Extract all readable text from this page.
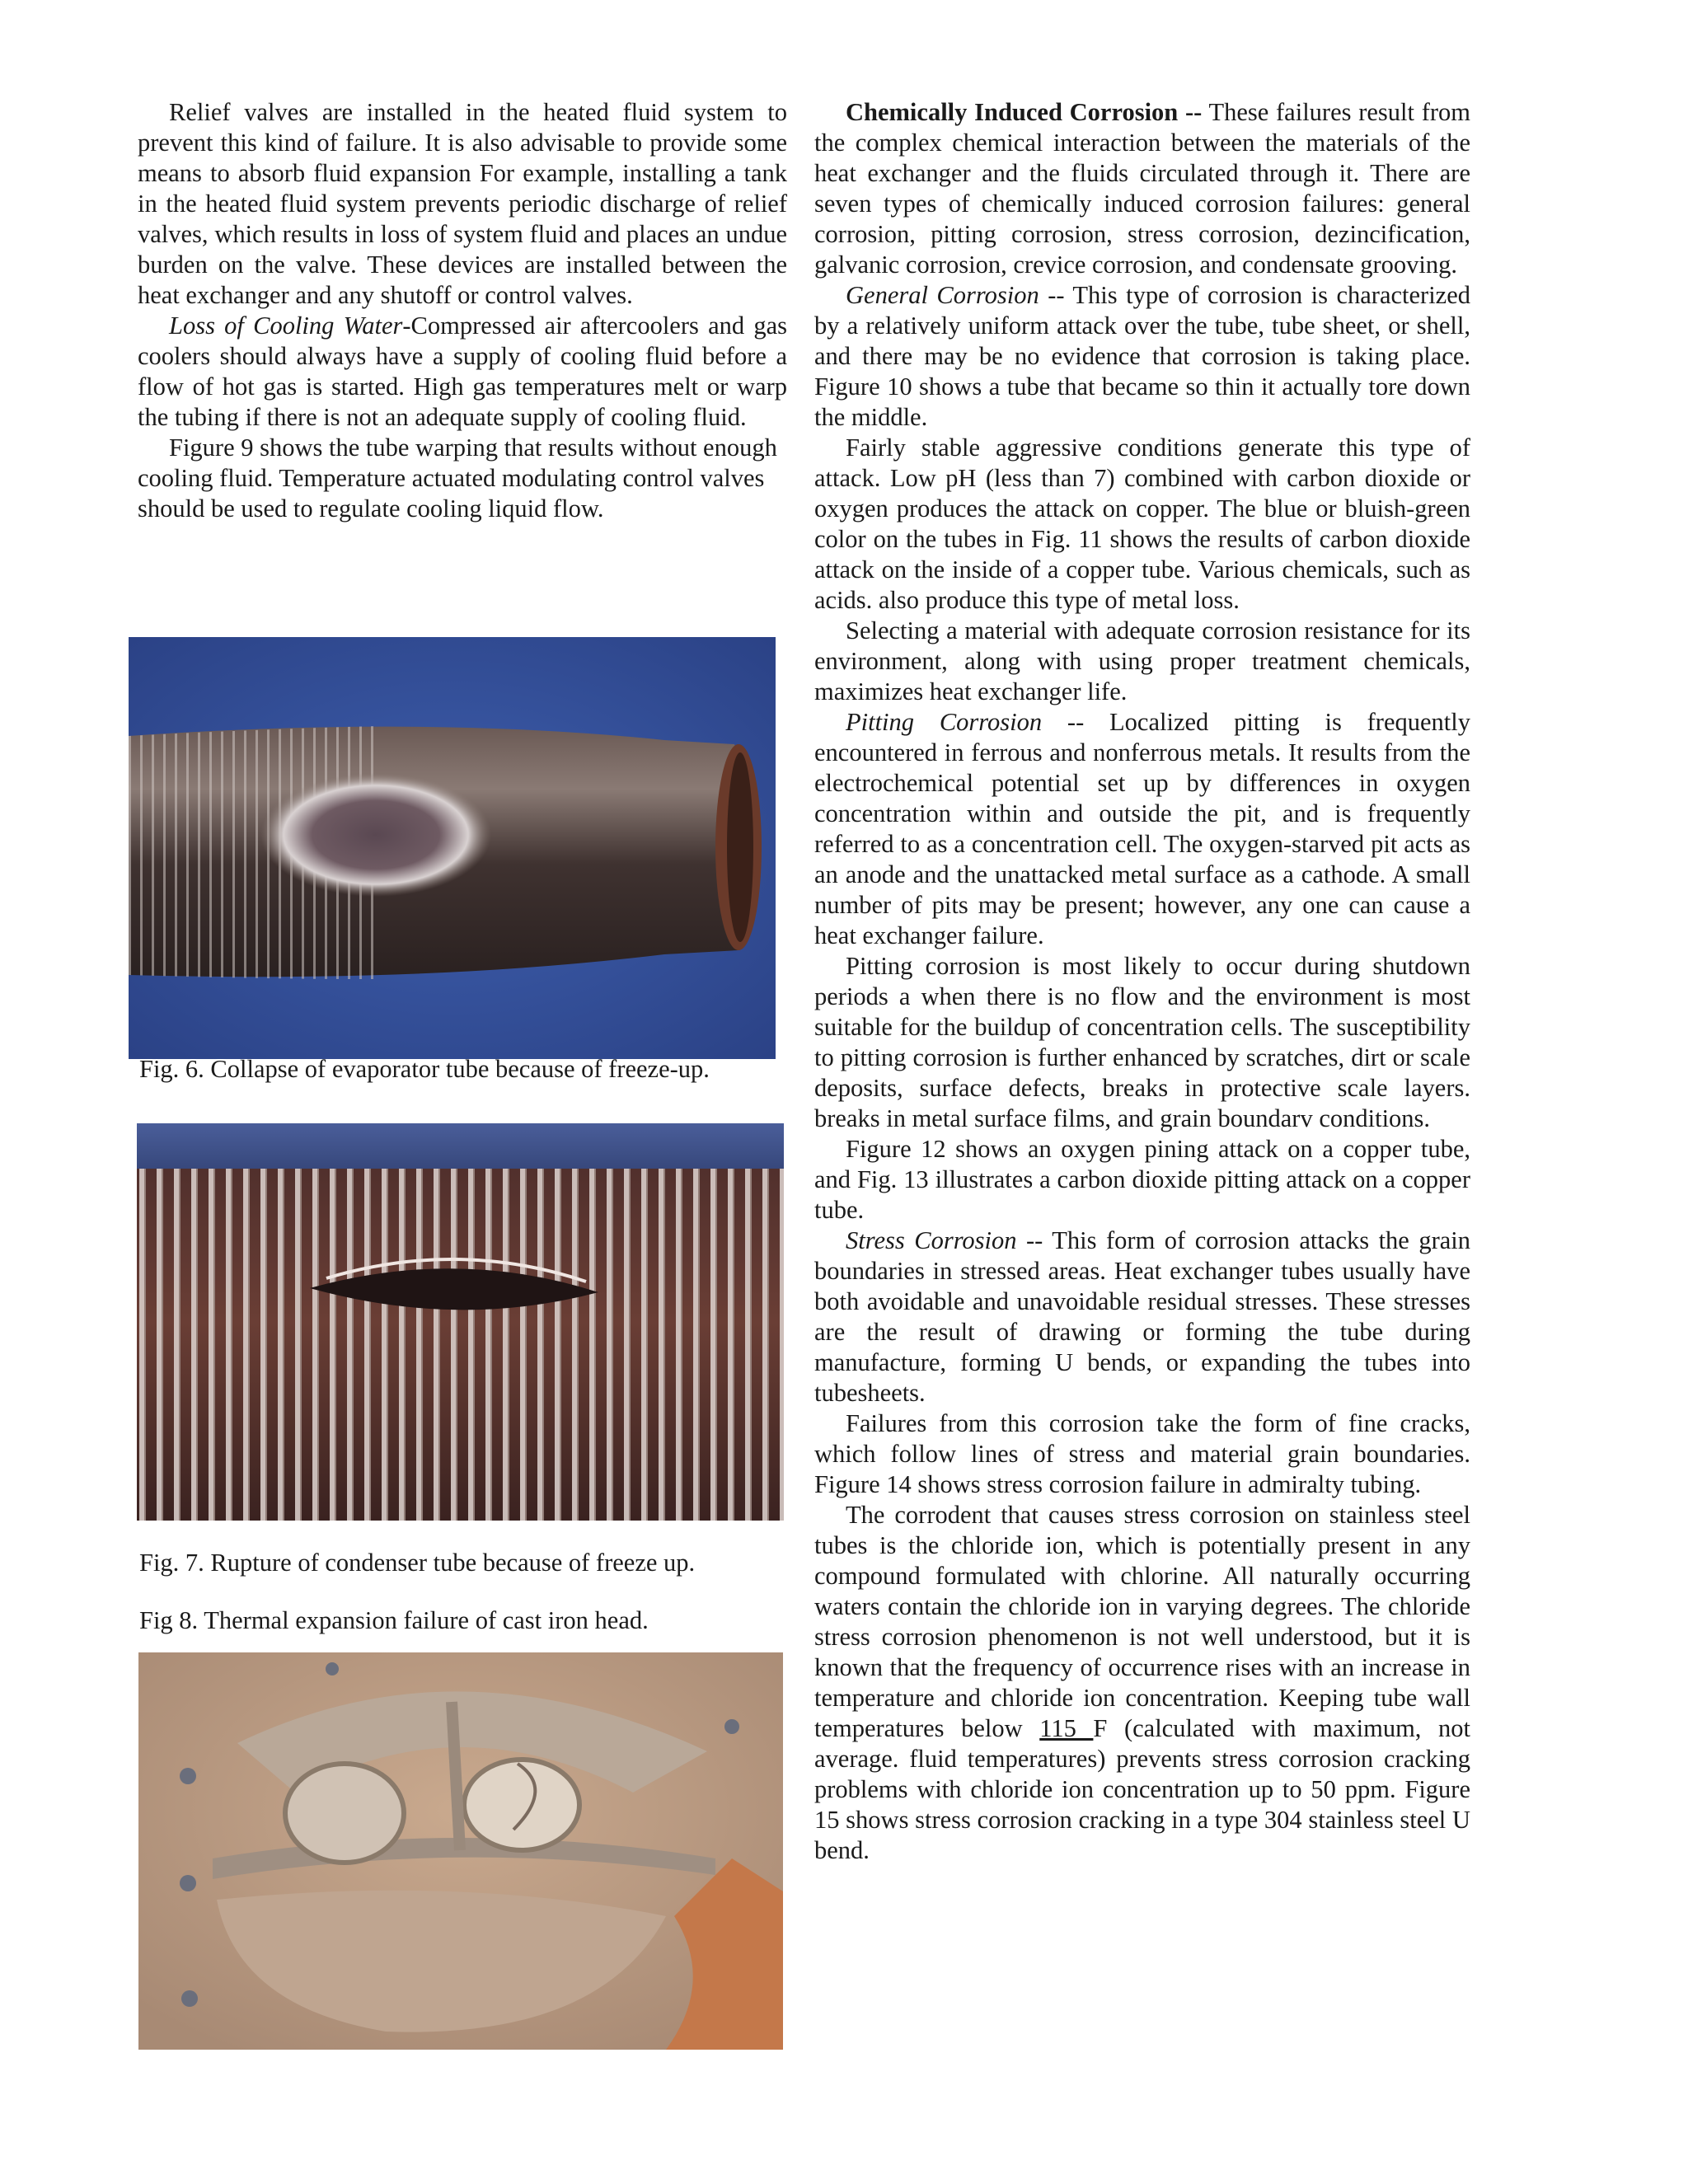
Relief valves are installed in the heated fluid system to prevent this kind of failure. It is also advisable to provide some means to absorb fluid expansion For example, installing a tank in the heated fluid system prevents periodic discharge of relief valves, which results in loss of system fluid and places an undue burden on the valve. These devices are installed between the heat exchanger and any shutoff or control valves.

Loss of Cooling Water-Compressed air aftercoolers and gas coolers should always have a supply of cooling fluid before a flow of hot gas is started. High gas temperatures melt or warp the tubing if there is not an adequate supply of cooling fluid.

Figure 9 shows the tube warping that results without enough cooling fluid. Temperature actuated modulating control valves should be used to regulate cooling liquid flow.

Fig. 6. Collapse of evaporator tube because of freeze-up.
Fig. 7. Rupture of condenser tube because of freeze up.
Fig 8. Thermal expansion failure of cast iron head.

Chemically Induced Corrosion -- These failures result from the complex chemical interaction between the materials of the heat exchanger and the fluids circulated through it. There are seven types of chemically induced corrosion failures: general corrosion, pitting corrosion, stress corrosion, dezincification, galvanic corrosion, crevice corrosion, and condensate grooving.

General Corrosion -- This type of corrosion is characterized by a relatively uniform attack over the tube, tube sheet, or shell, and there may be no evidence that corrosion is taking place. Figure 10 shows a tube that became so thin it actually tore down the middle.

Fairly stable aggressive conditions generate this type of attack. Low pH (less than 7) combined with carbon dioxide or oxygen produces the attack on copper. The blue or bluish-green color on the tubes in Fig. 11 shows the results of carbon dioxide attack on the inside of a copper tube. Various chemicals, such as acids. also produce this type of metal loss.

Selecting a material with adequate corrosion resistance for its environment, along with using proper treatment chemicals, maximizes heat exchanger life.

Pitting Corrosion -- Localized pitting is frequently encountered in ferrous and nonferrous metals. It results from the electrochemical potential set up by differences in oxygen concentration within and outside the pit, and is frequently referred to as a concentration cell. The oxygen-starved pit acts as an anode and the unattacked metal surface as a cathode. A small number of pits may be present; however, any one can cause a heat exchanger failure.

Pitting corrosion is most likely to occur during shutdown periods a when there is no flow and the environment is most suitable for the buildup of concentration cells. The susceptibility to pitting corrosion is further enhanced by scratches, dirt or scale deposits, surface defects, breaks in protective scale layers. breaks in metal surface films, and grain boundarv conditions.

Figure 12 shows an oxygen pining attack on a copper tube, and Fig. 13 illustrates a carbon dioxide pitting attack on a copper tube.

Stress Corrosion -- This form of corrosion attacks the grain boundaries in stressed areas. Heat exchanger tubes usually have both avoidable and unavoidable residual stresses. These stresses are the result of drawing or forming the tube during manufacture, forming U bends, or expanding the tubes into tubesheets.

Failures from this corrosion take the form of fine cracks, which follow lines of stress and material grain boundaries. Figure 14 shows stress corrosion failure in admiralty tubing.

The corrodent that causes stress corrosion on stainless steel tubes is the chloride ion, which is potentially present in any compound formulated with chlorine. All naturally occurring waters contain the chloride ion in varying degrees. The chloride stress corrosion phenomenon is not well understood, but it is known that the frequency of occurrence rises with an increase in temperature and chloride ion concentration. Keeping tube wall temperatures below 115 F (calculated with maximum, not average. fluid temperatures) prevents stress corrosion cracking problems with chloride ion concentration up to 50 ppm. Figure 15 shows stress corrosion cracking in a type 304 stainless steel U bend.
